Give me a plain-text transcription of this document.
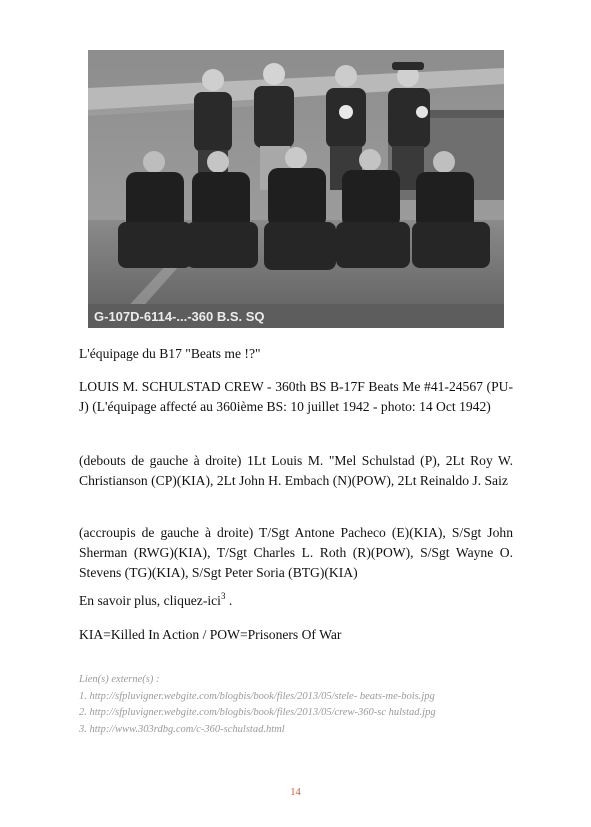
G-107D-6114-...-360 B.S. SQ
L'équipage du B17 "Beats me !?"
LOUIS M. SCHULSTAD CREW - 360th BS B-17F Beats Me #41-24567 (PU-J) (L'équipage affecté au 360ième BS: 10 juillet 1942 - photo: 14 Oct 1942)
(debouts de gauche à droite) 1Lt Louis M. "Mel Schulstad (P), 2Lt Roy W. Christianson (CP)(KIA), 2Lt John H. Embach (N)(POW), 2Lt Reinaldo J. Saiz
(accroupis de gauche à droite) T/Sgt Antone Pacheco (E)(KIA), S/Sgt John Sherman (RWG)(KIA), T/Sgt Charles L. Roth (R)(POW), S/Sgt Wayne O. Stevens (TG)(KIA), S/Sgt Peter Soria (BTG)(KIA)
En savoir plus, cliquez-ici$^3$ .
KIA=Killed In Action / POW=Prisoners Of War
Lien(s) externe(s) :
1. http://sfpluvigner.webgite.com/blogbis/book/files/2013/05/stele- beats-me-bois.jpg
2. http://sfpluvigner.webgite.com/blogbis/book/files/2013/05/crew-360-sc hulstad.jpg
3. http://www.303rdbg.com/c-360-schulstad.html
14
